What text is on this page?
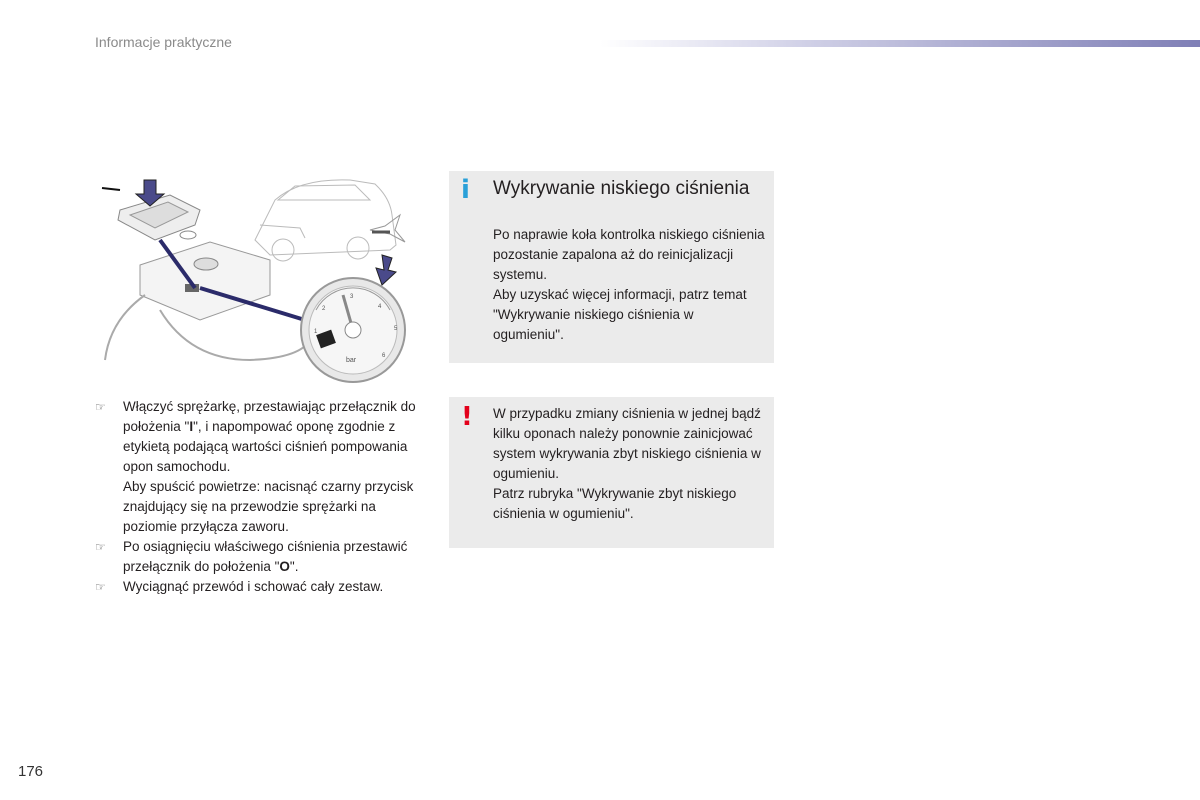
Informacje praktyczne
1
2
3
4
5
6
bar
☞ Włączyć sprężarkę, przestawiając przełącznik do położenia "I", i napompować oponę zgodnie z etykietą podającą wartości ciśnień pompowania opon samochodu.

Aby spuścić powietrze: nacisnąć czarny przycisk znajdujący się na przewodzie sprężarki na poziomie przyłącza zaworu.

☞ Po osiągnięciu właściwego ciśnienia przestawić przełącznik do położenia "O".

☞ Wyciągnąć przewód i schować cały zestaw.

i Wykrywanie niskiego ciśnienia

Po naprawie koła kontrolka niskiego ciśnienia pozostanie zapalona aż do reinicjalizacji systemu.

Aby uzyskać więcej informacji, patrz temat "Wykrywanie niskiego ciśnienia w ogumieniu".

! W przypadku zmiany ciśnienia w jednej bądź kilku oponach należy ponownie zainicjować system wykrywania zbyt niskiego ciśnienia w ogumieniu.

Patrz rubryka "Wykrywanie zbyt niskiego ciśnienia w ogumieniu".

176
